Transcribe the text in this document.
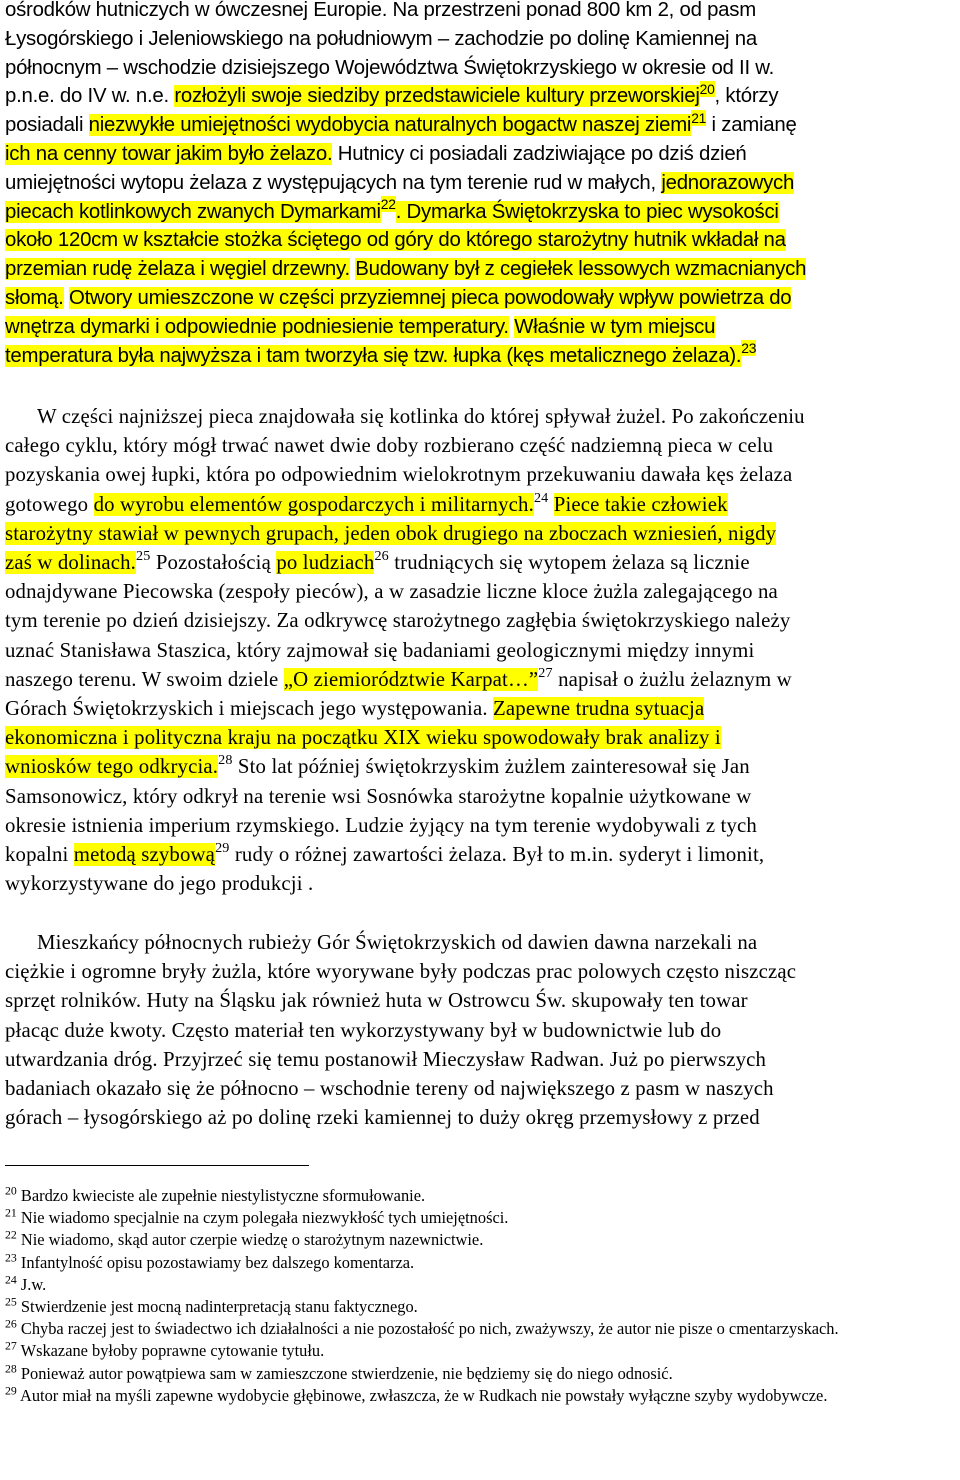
ośrodków hutniczych w ówczesnej Europie. Na przestrzeni ponad 800 km 2, od pasm
Łysogórskiego i Jeleniowskiego na południowym – zachodzie po dolinę Kamiennej na
północnym – wschodzie dzisiejszego Województwa Świętokrzyskiego w okresie od II w.
p.n.e. do IV w. n.e. rozłożyli swoje siedziby przedstawiciele kultury przeworskiej$^{20}$, którzy
posiadali niezwykłe umiejętności wydobycia naturalnych bogactw naszej ziemi$^{21}$ i zamianę
ich na cenny towar jakim było żelazo. Hutnicy ci posiadali zadziwiające po dziś dzień
umiejętności wytopu żelaza z występujących na tym terenie rud w małych, jednorazowych
piecach kotlinkowych zwanych Dymarkami$^{22}$. Dymarka Świętokrzyska to piec wysokości
około 120cm w kształcie stożka ściętego od góry do którego starożytny hutnik wkładał na
przemian rudę żelaza i węgiel drzewny. Budowany był z cegiełek lessowych wzmacnianych
słomą. Otwory umieszczone w części przyziemnej pieca powodowały wpływ powietrza do
wnętrza dymarki i odpowiednie podniesienie temperatury. Właśnie w tym miejscu
temperatura była najwyższa i tam tworzyła się tzw. łupka (kęs metalicznego żelaza).$^{23}$
W części najniższej pieca znajdowała się kotlinka do której spływał żużel. Po zakończeniu
całego cyklu, który mógł trwać nawet dwie doby rozbierano część nadziemną pieca w celu
pozyskania owej łupki, która po odpowiednim wielokrotnym przekuwaniu dawała kęs żelaza
gotowego do wyrobu elementów gospodarczych i militarnych.$^{24}$ Piece takie człowiek
starożytny stawiał w pewnych grupach, jeden obok drugiego na zboczach wzniesień, nigdy
zaś w dolinach.$^{25}$ Pozostałością po ludziach$^{26}$ trudniących się wytopem żelaza są licznie
odnajdywane Piecowska (zespoły pieców), a w zasadzie liczne kloce żużla zalegającego na
tym terenie po dzień dzisiejszy. Za odkrywcę starożytnego zagłębia świętokrzyskiego należy
uznać Stanisława Staszica, który zajmował się badaniami geologicznymi między innymi
naszego terenu. W swoim dziele „O ziemiorództwie Karpat…”$^{27}$ napisał o żużlu żelaznym w
Górach Świętokrzyskich i miejscach jego występowania. Zapewne trudna sytuacja
ekonomiczna i polityczna kraju na początku XIX wieku spowodowały brak analizy i
wniosków tego odkrycia.$^{28}$ Sto lat później świętokrzyskim żużlem zainteresował się Jan
Samsonowicz, który odkrył na terenie wsi Sosnówka starożytne kopalnie użytkowane w
okresie istnienia imperium rzymskiego. Ludzie żyjący na tym terenie wydobywali z tych
kopalni metodą szybową$^{29}$ rudy o różnej zawartości żelaza. Był to m.in. syderyt i limonit,
wykorzystywane do jego produkcji .
Mieszkańcy północnych rubieży Gór Świętokrzyskich od dawien dawna narzekali na
ciężkie i ogromne bryły żużla, które wyorywane były podczas prac polowych często niszcząc
sprzęt rolników. Huty na Śląsku jak również huta w Ostrowcu Św. skupowały ten towar
płacąc duże kwoty. Często materiał ten wykorzystywany był w budownictwie lub do
utwardzania dróg. Przyjrzeć się temu postanowił Mieczysław Radwan. Już po pierwszych
badaniach okazało się że północno – wschodnie tereny od największego z pasm w naszych
górach – łysogórskiego aż po dolinę rzeki kamiennej to duży okręg przemysłowy z przed

$^{20}$ Bardzo kwieciste ale zupełnie niestylistyczne sformułowanie.

$^{21}$ Nie wiadomo specjalnie na czym polegała niezwykłość tych umiejętności.

$^{22}$ Nie wiadomo, skąd autor czerpie wiedzę o starożytnym nazewnictwie.

$^{23}$ Infantylność opisu pozostawiamy bez dalszego komentarza.

$^{24}$ J.w.

$^{25}$ Stwierdzenie jest mocną nadinterpretacją stanu faktycznego.

$^{26}$ Chyba raczej jest to świadectwo ich działalności a nie pozostałość po nich, zważywszy, że autor nie pisze o cmentarzyskach.

$^{27}$ Wskazane byłoby poprawne cytowanie tytułu.

$^{28}$ Ponieważ autor powątpiewa sam w zamieszczone stwierdzenie, nie będziemy się do niego odnosić.

$^{29}$ Autor miał na myśli zapewne wydobycie głębinowe, zwłaszcza, że w Rudkach nie powstały wyłączne szyby wydobywcze.
